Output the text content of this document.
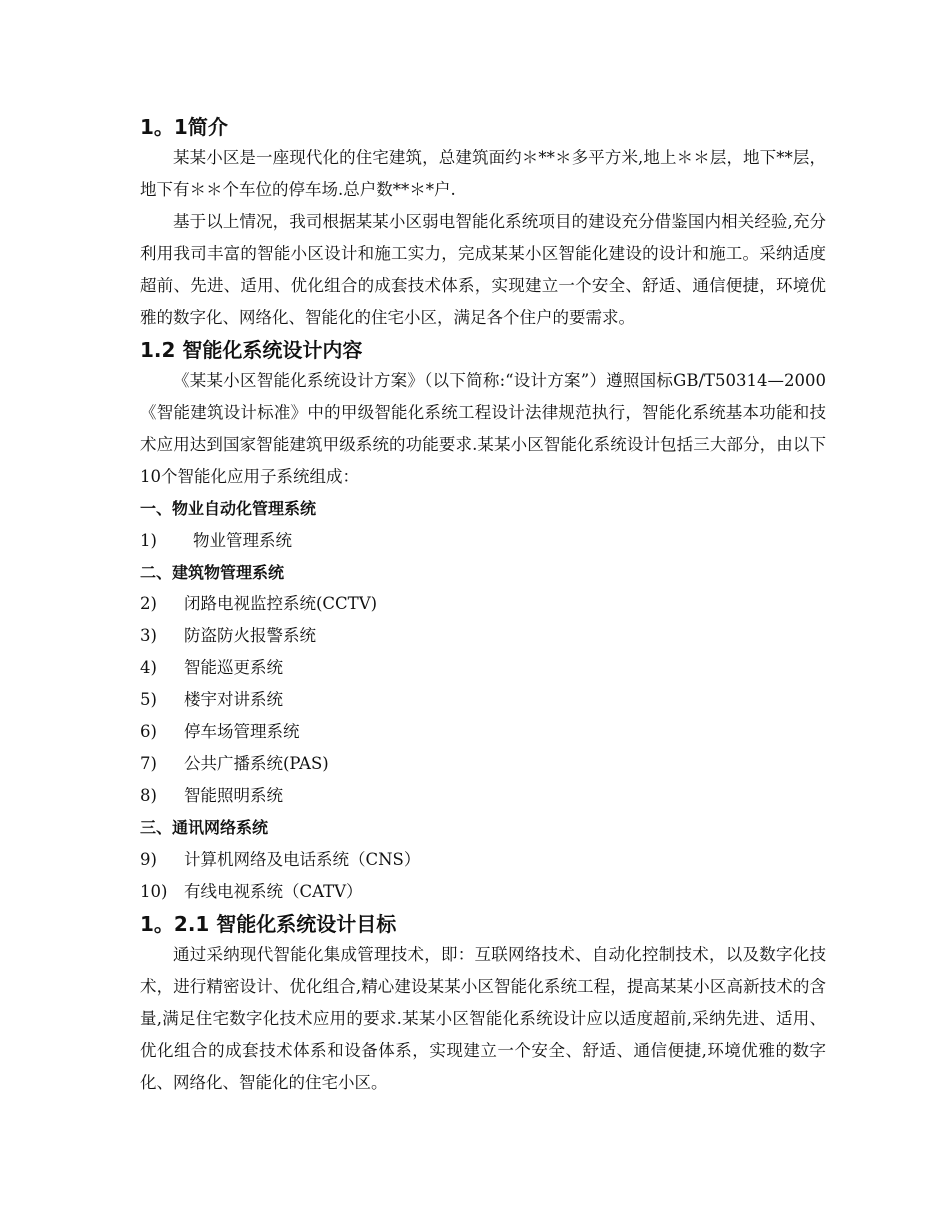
1。1简介

某某小区是一座现代化的住宅建筑，总建筑面约＊**＊多平方米,地上＊＊层，地下**层，地下有＊＊个车位的停车场.总户数**＊*户.

基于以上情况，我司根据某某小区弱电智能化系统项目的建设充分借鉴国内相关经验,充分利用我司丰富的智能小区设计和施工实力，完成某某小区智能化建设的设计和施工。采纳适度超前、先进、适用、优化组合的成套技术体系，实现建立一个安全、舒适、通信便捷，环境优雅的数字化、网络化、智能化的住宅小区，满足各个住户的要需求。

1.2 智能化系统设计内容

《某某小区智能化系统设计方案》（以下简称:“设计方案”）遵照国标GB/T50314—2000《智能建筑设计标准》中的甲级智能化系统工程设计法律规范执行，智能化系统基本功能和技术应用达到国家智能建筑甲级系统的功能要求.某某小区智能化系统设计包括三大部分，由以下10个智能化应用子系统组成：

一、物业自动化管理系统

1)	物业管理系统

二、建筑物管理系统

2)	闭路电视监控系统(CCTV)

3)	防盗防火报警系统

4)	智能巡更系统

5)	楼宇对讲系统

6)	停车场管理系统

7)	公共广播系统(PAS)

8)	智能照明系统

三、通讯网络系统

9)	计算机网络及电话系统（CNS）

10)	有线电视系统（CATV）

1。2.1 智能化系统设计目标

通过采纳现代智能化集成管理技术，即：互联网络技术、自动化控制技术，以及数字化技术，进行精密设计、优化组合,精心建设某某小区智能化系统工程，提高某某小区高新技术的含量,满足住宅数字化技术应用的要求.某某小区智能化系统设计应以适度超前,采纳先进、适用、优化组合的成套技术体系和设备体系，实现建立一个安全、舒适、通信便捷,环境优雅的数字化、网络化、智能化的住宅小区。
